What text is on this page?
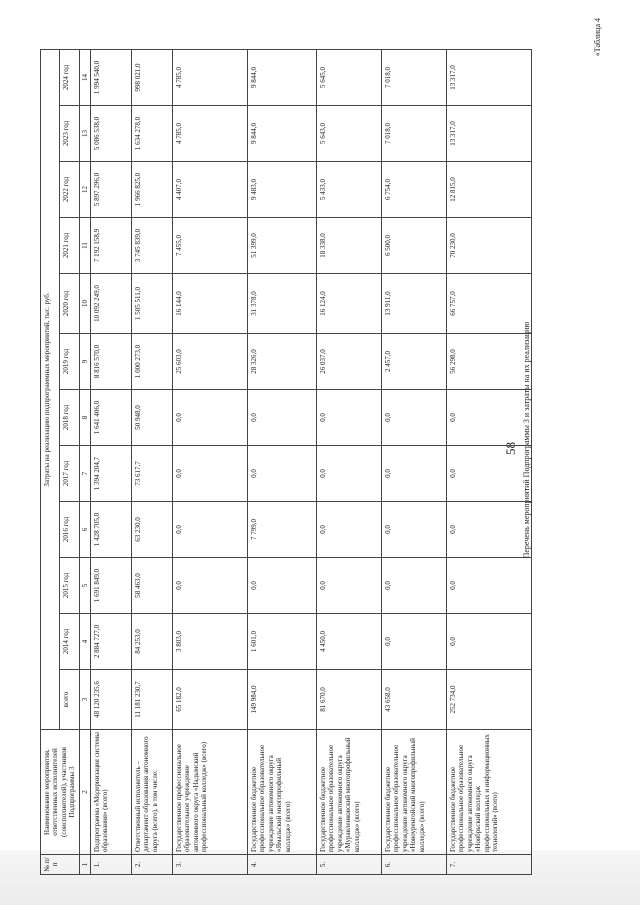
58
«Таблица 4
Перечень мероприятий Подпрограммы 3 и затраты на их реализацию
№ п/п	Наименование мероприятия, ответственных исполнителей (соисполнителей), участников Подпрограммы 3	Затраты на реализацию подпрограммных мероприятий, тыс. руб.											
		всего	2014 год	2015 год	2016 год	2017 год	2018 год	2019 год	2020 год	2021 год	2022 год	2023 год	2024 год
1	2	3	4	5	6	7	8	9	10	11	12	13	14
1.	Подпрограмма «Модернизация системы образования» (всего)	48 120 235,6	2 884 727,0	1 691 849,0	1 428 705,0	1 394 204,7	1 641 406,0	8 816 570,0	10 092 249,0	7 192 158,9	5 897 296,0	5 086 538,0	1 994 540,0
2.	Ответственный исполнитель – департамент образования автономного округа (всего), в том числе:	11 181 230,7	84 253,0	58 463,0	63 230,0	73 617,7	50 948,0	1 000 273,0	1 505 511,0	3 745 839,0	1 966 825,0	1 634 278,0	998 021,0
3.	Государственное профессиональное образовательное учреждение автономного округа «Надымский профессиональный колледж» (всего)	65 182,0	3 803,0	0,0	0,0	0,0	0,0	25 603,0	16 144,0	7 455,0	4 407,0	4 785,0	4 785,0
4.	Государственное бюджетное профессиональное образовательное учреждение автономного округа «Ямальский многопрофильный колледж» (всего)	149 984,0	1 601,0	0,0	7 799,0	0,0	0,0	28 326,0	31 378,0	51 399,0	9 483,0	9 844,0	9 844,0
5.	Государственное бюджетное профессиональное образовательное учреждение автономного округа «Муравленковский многопрофильный колледж» (всего)	81 670,0	4 450,0	0,0	0,0	0,0	0,0	26 037,0	16 124,0	18 338,0	5 433,0	5 643,0	5 645,0
6.	Государственное бюджетное профессиональное образовательное учреждение автономного округа «Новоуренгойский многопрофильный колледж» (всего)	43 658,0	0,0	0,0	0,0	0,0	0,0	2 457,0	13 911,0	6 500,0	6 754,0	7 018,0	7 018,0
7.	Государственное бюджетное профессиональное образовательное учреждение автономного округа «Ноябрьский колледж профессиональных и информационных технологий» (всего)	252 734,0	0,0	0,0	0,0	0,0	0,0	56 298,0	66 757,0	70 230,0	12 815,0	13 317,0	13 317,0
